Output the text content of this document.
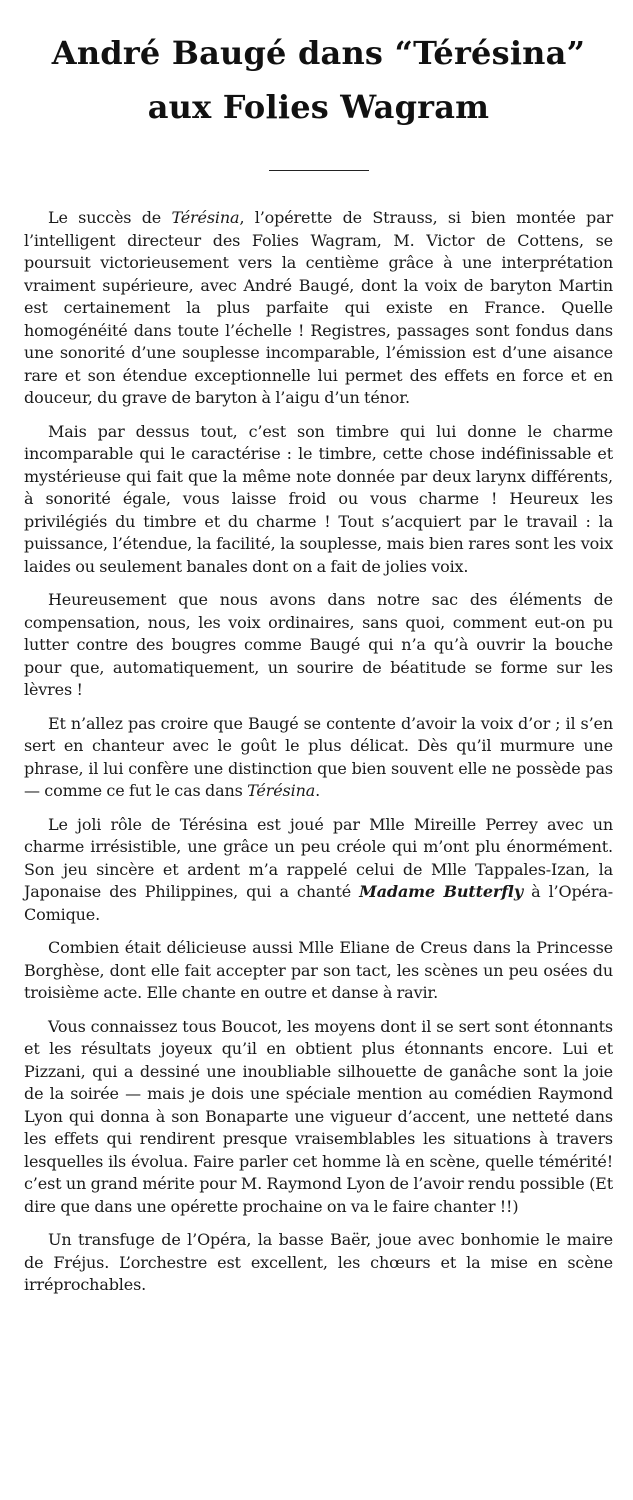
André Baugé dans “Térésina”
aux Folies Wagram

Le succès de Térésina, l’opérette de Strauss, si bien montée par l’intelligent directeur des Folies Wagram, M. Victor de Cottens, se poursuit victorieusement vers la centième grâce à une interprétation vraiment supérieure, avec André Baugé, dont la voix de baryton Martin est certainement la plus parfaite qui existe en France. Quelle homogénéité dans toute l’échelle ! Registres, passages sont fondus dans une sonorité d’une souplesse incomparable, l’émission est d’une aisance rare et son étendue exceptionnelle lui permet des effets en force et en douceur, du grave de baryton à l’aigu d’un ténor.

Mais par dessus tout, c’est son timbre qui lui donne le charme incomparable qui le caractérise : le timbre, cette chose indéfinissable et mystérieuse qui fait que la même note donnée par deux larynx différents, à sonorité égale, vous laisse froid ou vous charme ! Heureux les privilégiés du timbre et du charme ! Tout s’acquiert par le travail : la puissance, l’étendue, la facilité, la souplesse, mais bien rares sont les voix laides ou seulement banales dont on a fait de jolies voix.

Heureusement que nous avons dans notre sac des éléments de compensation, nous, les voix ordinaires, sans quoi, comment eut-on pu lutter contre des bougres comme Baugé qui n’a qu’à ouvrir la bouche pour que, automatiquement, un sourire de béatitude se forme sur les lèvres !

Et n’allez pas croire que Baugé se contente d’avoir la voix d’or ; il s’en sert en chanteur avec le goût le plus délicat. Dès qu’il murmure une phrase, il lui confère une distinction que bien souvent elle ne possède pas — comme ce fut le cas dans Térésina.

Le joli rôle de Térésina est joué par Mlle Mireille Perrey avec un charme irrésistible, une grâce un peu créole qui m’ont plu énormément. Son jeu sincère et ardent m’a rappelé celui de Mlle Tappales-Izan, la Japonaise des Philippines, qui a chanté Madame Butterfly à l’Opéra-Comique.

Combien était délicieuse aussi Mlle Eliane de Creus dans la Princesse Borghèse, dont elle fait accepter par son tact, les scènes un peu osées du troisième acte. Elle chante en outre et danse à ravir.

Vous connaissez tous Boucot, les moyens dont il se sert sont étonnants et les résultats joyeux qu’il en obtient plus étonnants encore. Lui et Pizzani, qui a dessiné une inoubliable silhouette de ganâche sont la joie de la soirée — mais je dois une spéciale mention au comédien Raymond Lyon qui donna à son Bonaparte une vigueur d’accent, une netteté dans les effets qui rendirent presque vraisemblables les situations à travers lesquelles ils évolua. Faire parler cet homme là en scène, quelle témérité! c’est un grand mérite pour M. Raymond Lyon de l’avoir rendu possible (Et dire que dans une opérette prochaine on va le faire chanter !!)

Un transfuge de l’Opéra, la basse Baër, joue avec bonhomie le maire de Fréjus. L’orchestre est excellent, les chœurs et la mise en scène irréprochables.
